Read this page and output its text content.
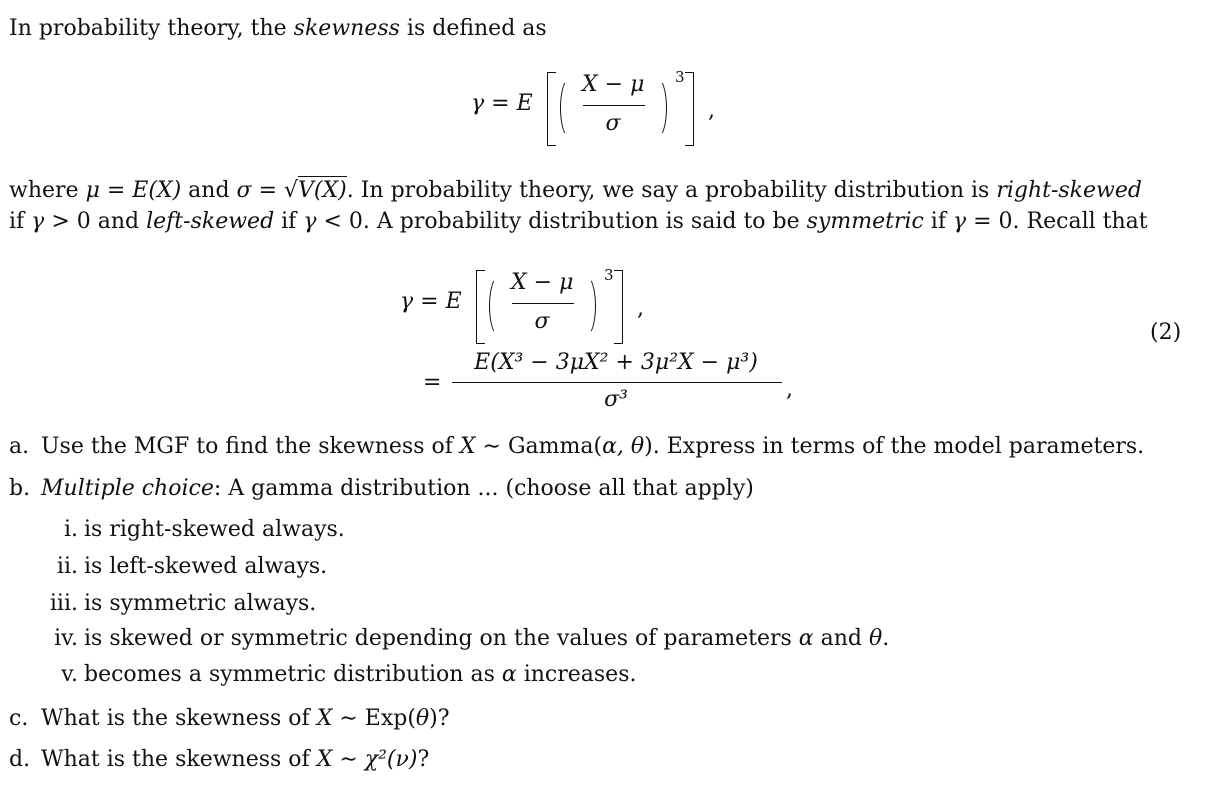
In probability theory, the skewness is defined as
γ = E
X − μ
σ
3
,
where μ = E(X) and σ = √V(X). In probability theory, we say a probability distribution is right-skewed
if γ > 0 and left-skewed if γ < 0. A probability distribution is said to be symmetric if γ = 0. Recall that
γ = E
X − μ
σ
3
,
=
E(X³ − 3μX² + 3μ²X − μ³)
σ³	,
(2)
a. Use the MGF to find the skewness of X ∼ Gamma(α, θ). Express in terms of the model parameters.
b. Multiple choice: A gamma distribution ... (choose all that apply)
i. is right-skewed always.
ii. is left-skewed always.
iii. is symmetric always.
iv. is skewed or symmetric depending on the values of parameters α and θ.
v. becomes a symmetric distribution as α increases.
c. What is the skewness of X ∼ Exp(θ)?
d. What is the skewness of X ∼ χ²(ν)?
